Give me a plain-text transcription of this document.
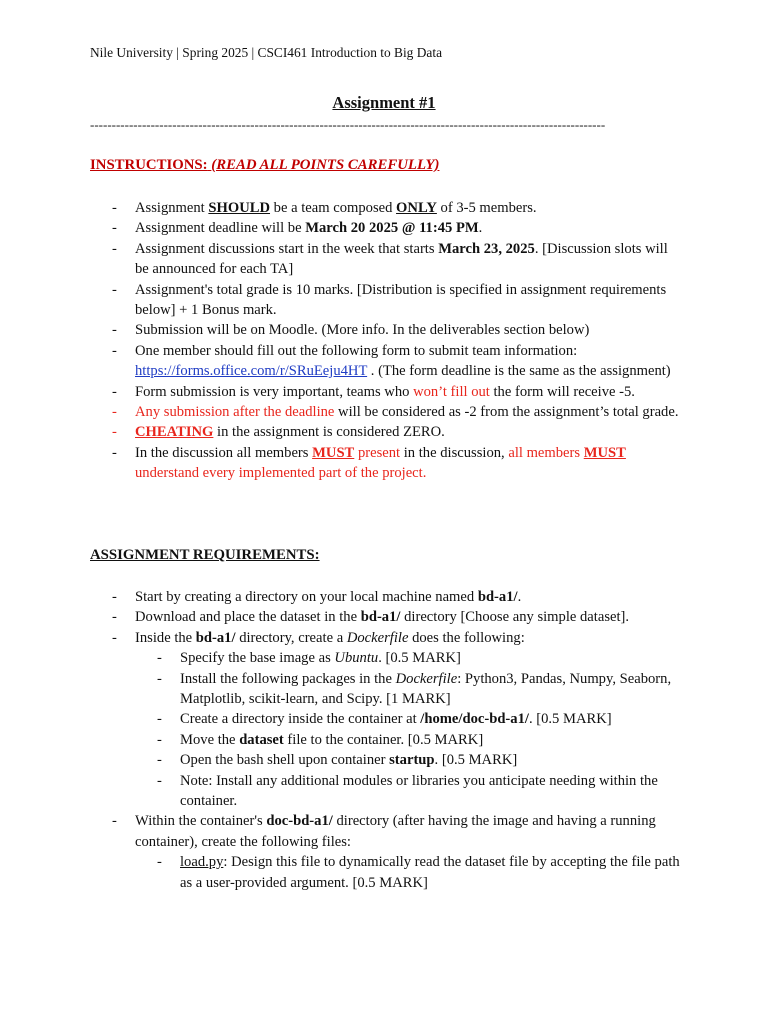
Nile University | Spring 2025 | CSCI461 Introduction to Big Data
Assignment #1
-----------------------------------------------------------------------------------------------------------------------
INSTRUCTIONS: (READ ALL POINTS CAREFULLY)
- Assignment SHOULD be a team composed ONLY of 3-5 members.
- Assignment deadline will be March 20 2025 @ 11:45 PM.
- Assignment discussions start in the week that starts March 23, 2025. [Discussion slots will be announced for each TA]
- Assignment's total grade is 10 marks. [Distribution is specified in assignment requirements below] + 1 Bonus mark.
- Submission will be on Moodle. (More info. In the deliverables section below)
- One member should fill out the following form to submit team information: https://forms.office.com/r/SRuEeju4HT . (The form deadline is the same as the assignment)
- Form submission is very important, teams who won’t fill out the form will receive -5.
- Any submission after the deadline will be considered as -2 from the assignment’s total grade.
- CHEATING in the assignment is considered ZERO.
- In the discussion all members MUST present in the discussion, all members MUST understand every implemented part of the project.
ASSIGNMENT REQUIREMENTS:
- Start by creating a directory on your local machine named bd-a1/.
- Download and place the dataset in the bd-a1/ directory [Choose any simple dataset].
- Inside the bd-a1/ directory, create a Dockerfile does the following:
- Specify the base image as Ubuntu. [0.5 MARK]
- Install the following packages in the Dockerfile: Python3, Pandas, Numpy, Seaborn, Matplotlib, scikit-learn, and Scipy. [1 MARK]
- Create a directory inside the container at /home/doc-bd-a1/. [0.5 MARK]
- Move the dataset file to the container. [0.5 MARK]
- Open the bash shell upon container startup. [0.5 MARK]
- Note: Install any additional modules or libraries you anticipate needing within the container.
- Within the container's doc-bd-a1/ directory (after having the image and having a running container), create the following files:
- load.py: Design this file to dynamically read the dataset file by accepting the file path as a user-provided argument. [0.5 MARK]
